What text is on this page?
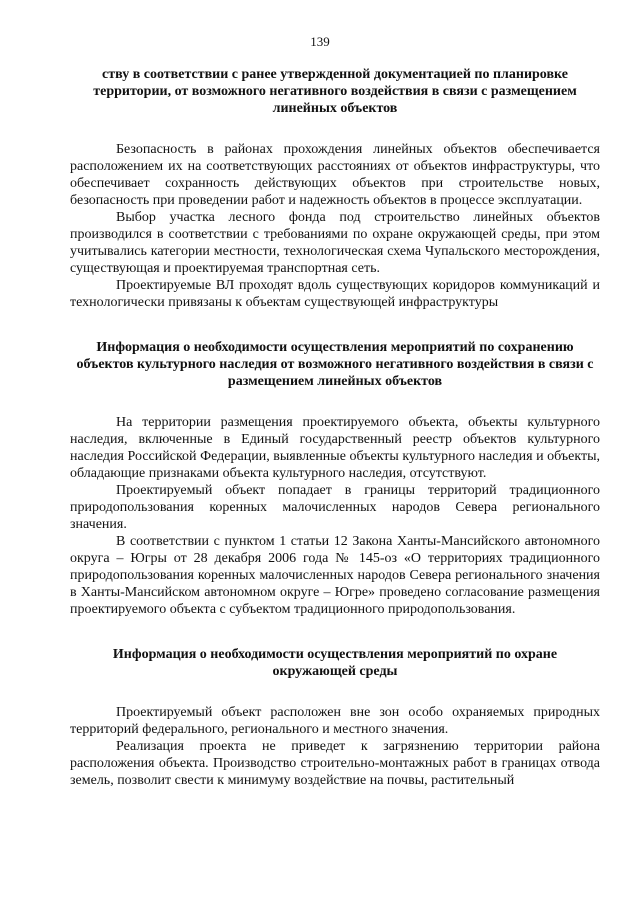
139
ству в соответствии с ранее утвержденной документацией по планировке территории, от возможного негативного воздействия в связи с размещением линейных объектов

Безопасность в районах прохождения линейных объектов обеспечивается расположением их на соответствующих расстояниях от объектов инфраструктуры, что обеспечивает сохранность действующих объектов при строительстве новых, безопасность при проведении работ и надежность объектов в процессе эксплуатации.

Выбор участка лесного фонда под строительство линейных объектов производился в соответствии с требованиями по охране окружающей среды, при этом учитывались категории местности, технологическая схема Чупальского месторождения, существующая и проектируемая транспортная сеть.

Проектируемые ВЛ проходят вдоль существующих коридоров коммуникаций и технологически привязаны к объектам существующей инфраструктуры

Информация о необходимости осуществления мероприятий по сохранению объектов культурного наследия от возможного негативного воздействия в связи с размещением линейных объектов

На территории размещения проектируемого объекта, объекты культурного наследия, включенные в Единый государственный реестр объектов культурного наследия Российской Федерации, выявленные объекты культурного наследия и объекты, обладающие признаками объекта культурного наследия, отсутствуют.

Проектируемый объект попадает в границы территорий традиционного природопользования коренных малочисленных народов Севера регионального значения.

В соответствии с пунктом 1 статьи 12 Закона Ханты-Мансийского автономного округа – Югры от 28 декабря 2006 года № 145-оз «О территориях традиционного природопользования коренных малочисленных народов Севера регионального значения в Ханты-Мансийском автономном округе – Югре» проведено согласование размещения проектируемого объекта с субъектом традиционного природопользования.

Информация о необходимости осуществления мероприятий по охране окружающей среды

Проектируемый объект расположен вне зон особо охраняемых природных территорий федерального, регионального и местного значения.

Реализация проекта не приведет к загрязнению территории района расположения объекта. Производство строительно-монтажных работ в границах отвода земель, позволит свести к минимуму воздействие на почвы, растительный
